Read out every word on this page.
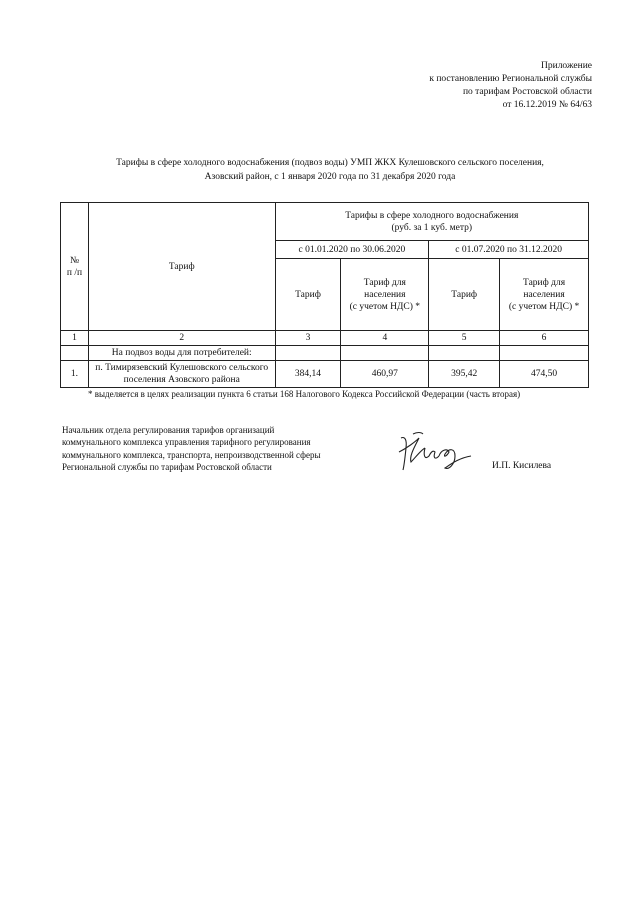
Приложение
к постановлению Региональной службы
по тарифам Ростовской области
от 16.12.2019 № 64/63
Тарифы в сфере холодного водоснабжения (подвоз воды) УМП ЖКХ Кулешовского сельского поселения,
Азовский район, с 1 января 2020 года по 31 декабря 2020 года
№
п /п	Тариф	Тарифы в сфере холодного водоснабжения
(руб. за 1 куб. метр)			
		с 01.01.2020 по 30.06.2020		с 01.07.2020 по 31.12.2020	
		Тариф	Тариф для
населения
(с учетом НДС) *	Тариф	Тариф для
населения
(с учетом НДС) *
1	2	3	4	5	6
	На подвоз воды для потребителей:				
1.	п. Тимирязевский Кулешовского сельского поселения Азовского района	384,14	460,97	395,42	474,50
* выделяется в целях реализации пункта 6 статьи 168 Налогового Кодекса Российской Федерации (часть вторая)
Начальник отдела регулирования тарифов организаций
коммунального комплекса управления тарифного регулирования
коммунального комплекса, транспорта, непроизводственной сферы
Региональной службы по тарифам Ростовской области	И.П. Кисилева
